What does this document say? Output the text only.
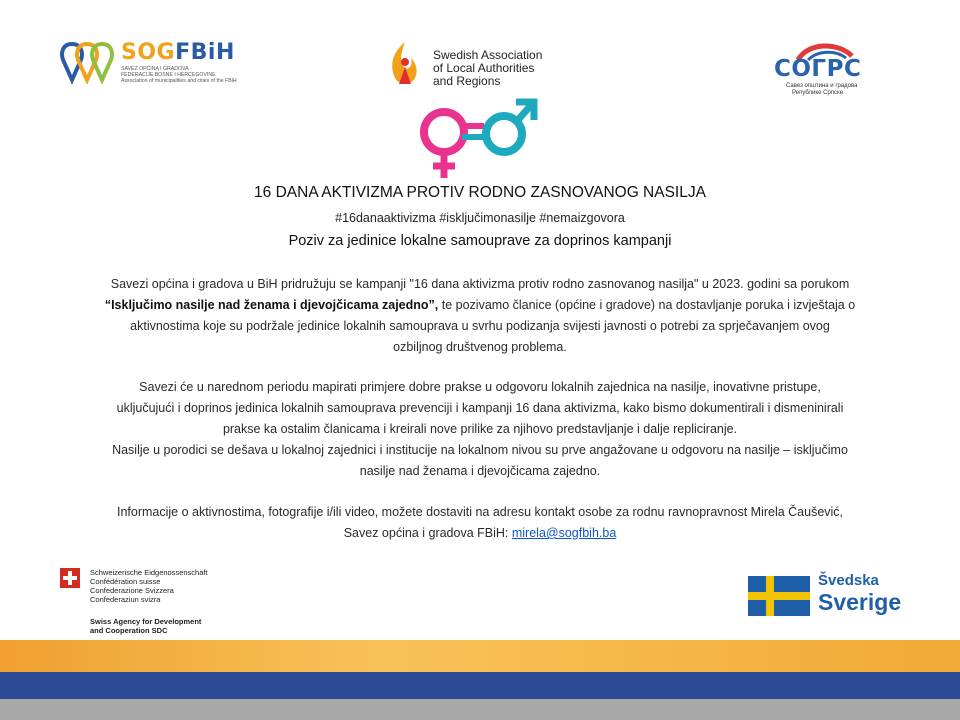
SOGFBiH
SAVEZ OPĆINA I GRADOVA
FEDERACIJE BOSNE I HERCEGOVINE
Association of municipalities and cities of the FBiH
Swedish Association
of Local Authorities
and Regions	СОГРС
Савез општина и градова
Републике Српске
16 DANA AKTIVIZMA PROTIV RODNO ZASNOVANOG NASILJA
#16danaaktivizma #isključimonasilje #nemaizgovora
Poziv za jedinice lokalne samouprave za doprinos kampanji
Savezi općina i gradova u BiH pridružuju se kampanji "16 dana aktivizma protiv rodno zasnovanog nasilja" u 2023. godini sa porukom
“Isključimo nasilje nad ženama i djevojčicama zajedno”, te pozivamo članice (općine i gradove) na dostavljanje poruka i izvještaja o
aktivnostima koje su podržale jedinice lokalnih samouprava u svrhu podizanja svijesti javnosti o potrebi za sprječavanjem ovog
ozbiljnog društvenog problema.
Savezi će u narednom periodu mapirati primjere dobre prakse u odgovoru lokalnih zajednica na nasilje, inovativne pristupe,
uključujući i doprinos jedinica lokalnih samouprava prevenciji i kampanji 16 dana aktivizma, kako bismo dokumentirali i dismeninirali
prakse ka ostalim članicama i kreirali nove prilike za njihovo predstavljanje i dalje repliciranje.
Nasilje u porodici se dešava u lokalnoj zajednici i institucije na lokalnom nivou su prve angažovane u odgovoru na nasilje – isključimo
nasilje nad ženama i djevojčicama zajedno.
Informacije o aktivnostima, fotografije i/ili video, možete dostaviti na adresu kontakt osobe za rodnu ravnopravnost Mirela Čaušević,
Savez općina i gradova FBiH: mirela@sogfbih.ba
Schweizerische Eidgenossenschaft
Confédération suisse
Confederazione Svizzera
Confederaziun svizra
Swiss Agency for Development
and Cooperation SDC
Švedska
Sverige
